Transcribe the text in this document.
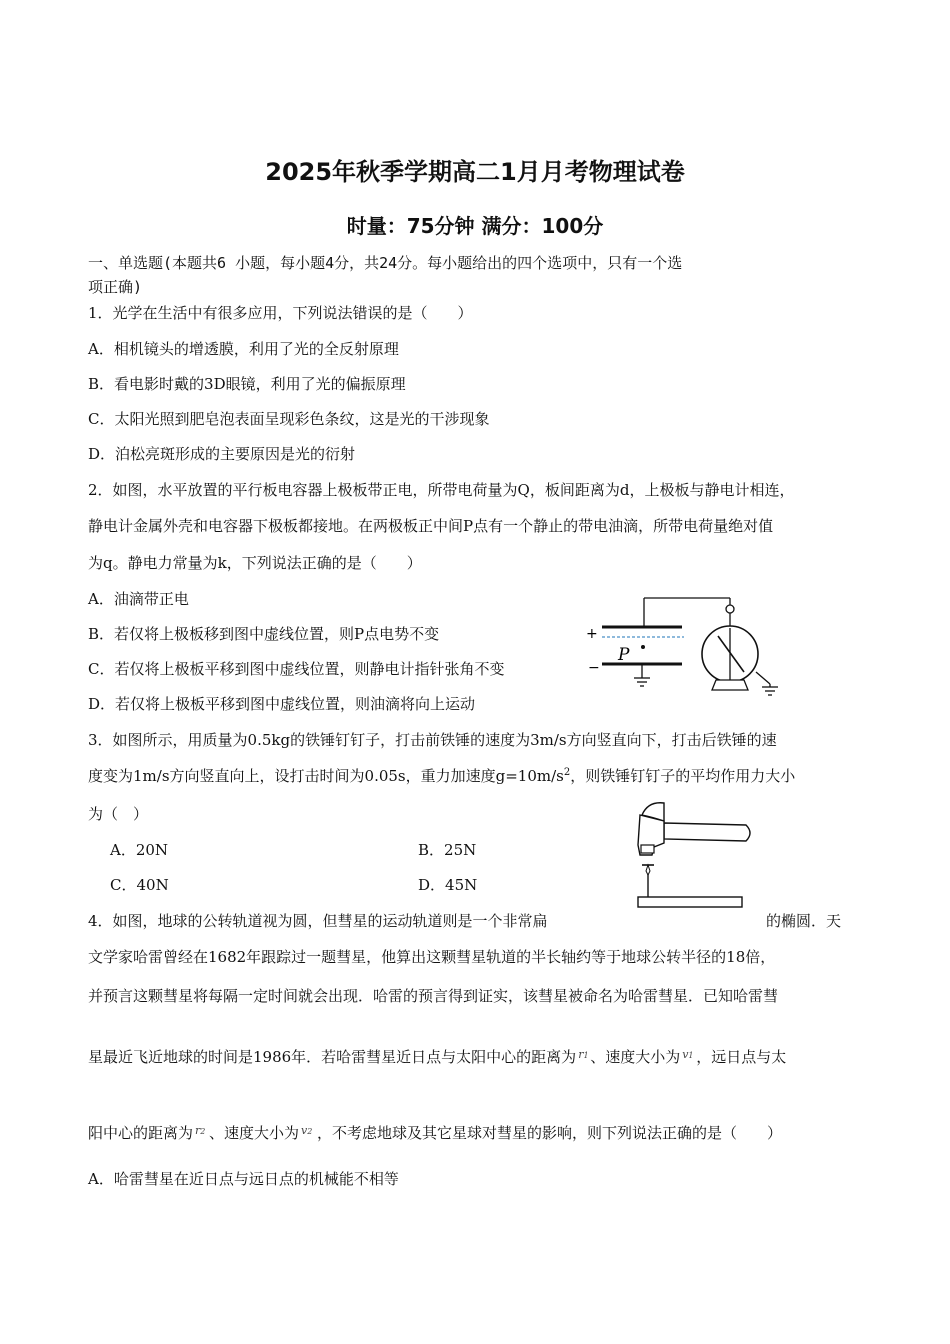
2025年秋季学期高二1月月考物理试卷
时量：75分钟 满分：100分
一、单选题(本题共6 小题，每小题4分，共24分。每小题给出的四个选项中，只有一个选
项正确)
1．光学在生活中有很多应用，下列说法错误的是（　　）
A．相机镜头的增透膜，利用了光的全反射原理
B．看电影时戴的3D眼镜，利用了光的偏振原理
C．太阳光照到肥皂泡表面呈现彩色条纹，这是光的干涉现象
D．泊松亮斑形成的主要原因是光的衍射
2．如图，水平放置的平行板电容器上极板带正电，所带电荷量为Q，板间距离为d，上极板与静电计相连，
静电计金属外壳和电容器下极板都接地。在两极板正中间P点有一个静止的带电油滴，所带电荷量绝对值
为q。静电力常量为k，下列说法正确的是（　　）
A．油滴带正电
B．若仅将上极板移到图中虚线位置，则P点电势不变
C．若仅将上极板平移到图中虚线位置，则静电计指针张角不变
D．若仅将上极板平移到图中虚线位置，则油滴将向上运动
+
−
P
3．如图所示，用质量为0.5kg的铁锤钉钉子，打击前铁锤的速度为3m/s方向竖直向下，打击后铁锤的速
度变为1m/s方向竖直向上，设打击时间为0.05s，重力加速度$g=10m/s^2$，则铁锤钉钉子的平均作用力大小
为（　）
A．20N	B．25N
C．40N	D．45N
4．如图，地球的公转轨道视为圆，但彗星的运动轨道则是一个非常扁	的椭圆．天
文学家哈雷曾经在1682年跟踪过一题彗星，他算出这颗彗星轨道的半长轴约等于地球公转半径的18倍，
并预言这颗彗星将每隔一定时间就会出现．哈雷的预言得到证实，该彗星被命名为哈雷彗星．已知哈雷彗
星最近飞近地球的时间是1986年．若哈雷彗星近日点与太阳中心的距离为 r1 、速度大小为 v1 ，远日点与太
阳中心的距离为 r2 、速度大小为 v2 ，不考虑地球及其它星球对彗星的影响，则下列说法正确的是（　　）
A．哈雷彗星在近日点与远日点的机械能不相等
